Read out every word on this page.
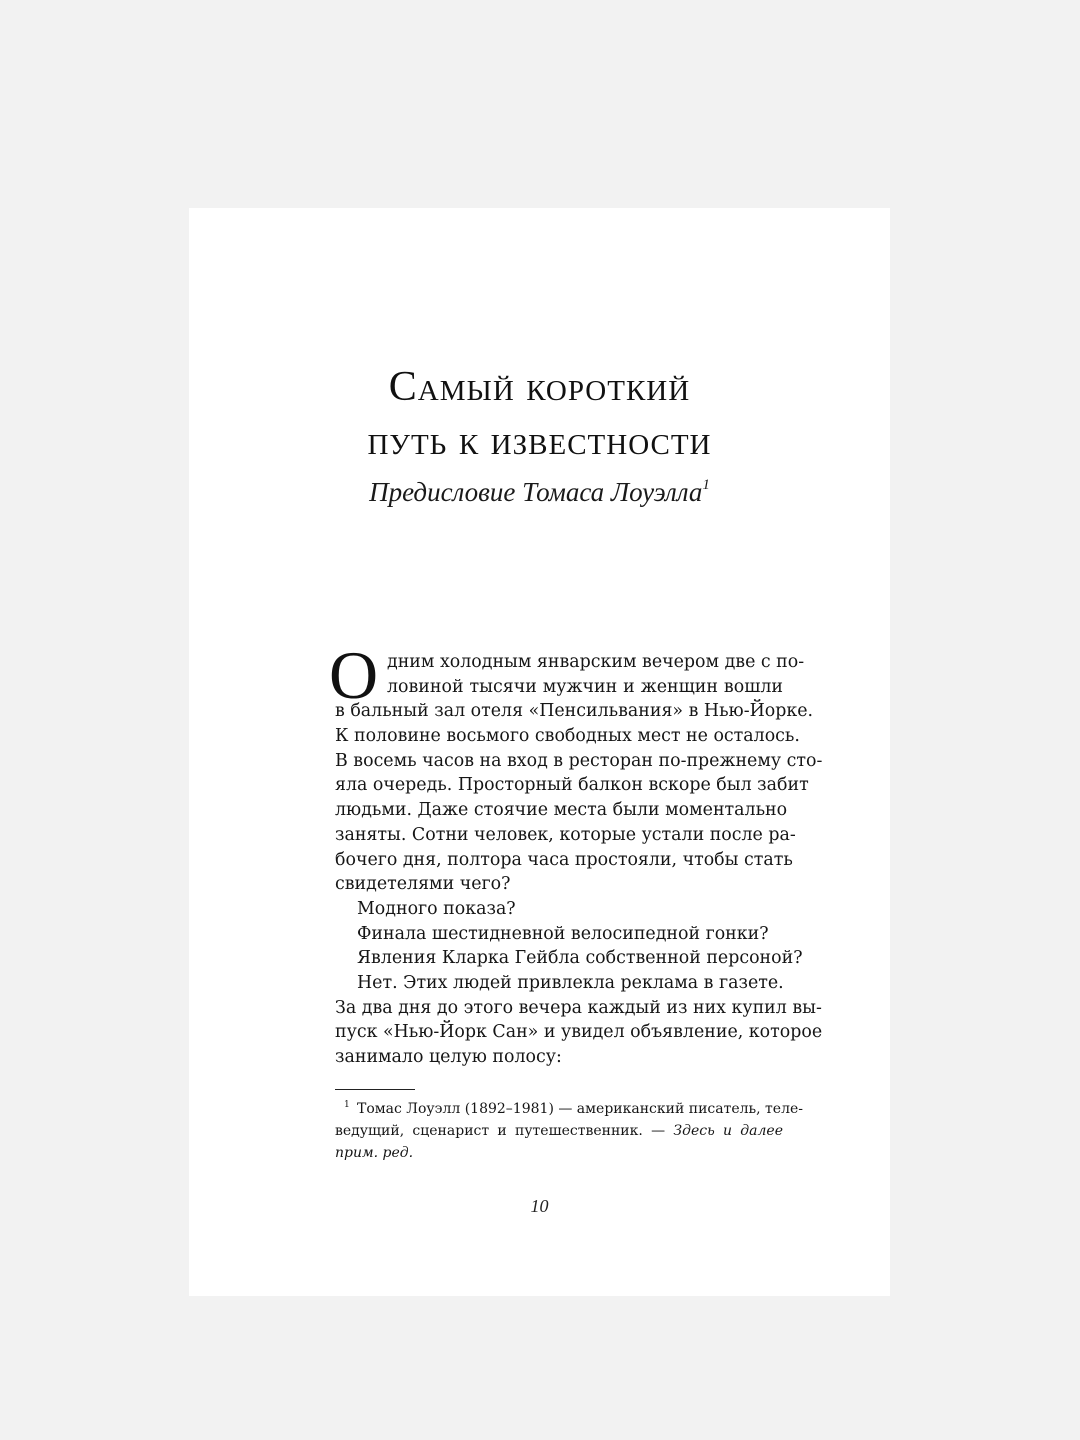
Самый короткий
путь к известности
Предисловие Томаса Лоуэлла$^1$
О дним холодным январским вечером две с по-
ловиной тысячи мужчин и женщин вошли
в бальный зал отеля «Пенсильвания» в Нью-Йорке.
К половине восьмого свободных мест не осталось.
В восемь часов на вход в ресторан по-прежнему сто-
яла очередь. Просторный балкон вскоре был забит
людьми. Даже стоячие места были моментально
заняты. Сотни человек, которые устали после ра-
бочего дня, полтора часа простояли, чтобы стать
свидетелями чего?
Модного показа?
Финала шестидневной велосипедной гонки?
Явления Кларка Гейбла собственной персоной?
Нет. Этих людей привлекла реклама в газете.
За два дня до этого вечера каждый из них купил вы-
пуск «Нью-Йорк Сан» и увидел объявление, которое
занимало целую полосу:
1 Томас Лоуэлл (1892–1981) — американский писатель, теле-
ведущий, сценарист и путешественник. — Здесь и далее
прим. ред.
10
